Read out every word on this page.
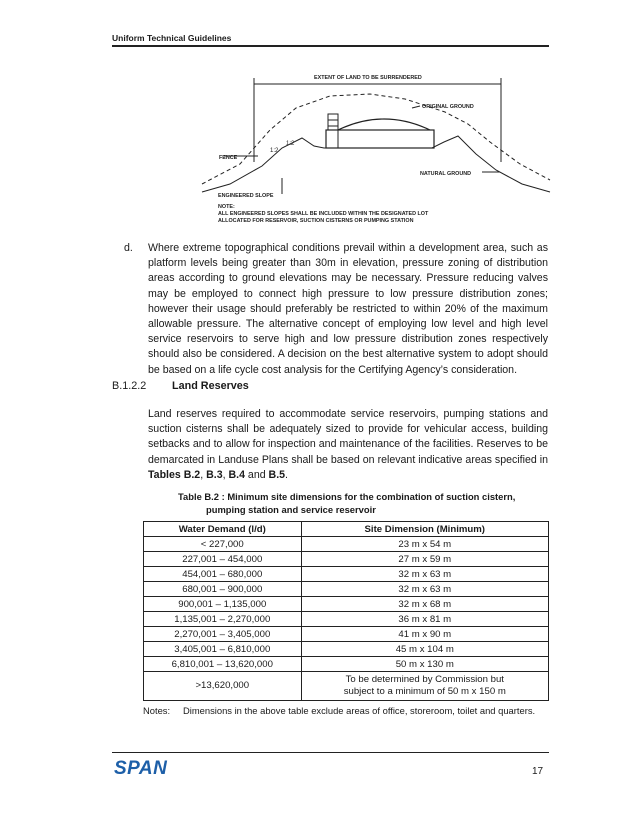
Uniform Technical Guidelines
EXTENT OF LAND TO BE SURRENDERED
ORIGINAL GROUND
NATURAL GROUND
FENCE
ENGINEERED SLOPE
1:2
1:2
NOTE:
ALL ENGINEERED SLOPES SHALL BE INCLUDED WITHIN THE DESIGNATED LOT
ALLOCATED FOR RESERVOIR, SUCTION CISTERNS OR PUMPING STATION
d. Where extreme topographical conditions prevail within a development area, such as platform levels being greater than 30m in elevation, pressure zoning of distribution areas according to ground elevations may be necessary. Pressure reducing valves may be employed to connect high pressure to low pressure distribution zones; however their usage should preferably be restricted to within 20% of the maximum allowable pressure. The alternative concept of employing low level and high level service reservoirs to serve high and low pressure distribution zones respectively should also be considered. A decision on the best alternative system to adopt should be based on a life cycle cost analysis for the Certifying Agency’s consideration.
B.1.2.2 Land Reserves
Land reserves required to accommodate service reservoirs, pumping stations and suction cisterns shall be adequately sized to provide for vehicular access, building setbacks and to allow for inspection and maintenance of the facilities. Reserves to be demarcated in Landuse Plans shall be based on relevant indicative areas specified in Tables B.2, B.3, B.4 and B.5.
Table B.2 : Minimum site dimensions for the combination of suction cistern,
pumping station and service reservoir
Water Demand (l/d)	Site Dimension (Minimum)
< 227,000	23 m x 54 m
227,001 – 454,000	27 m x 59 m
454,001 – 680,000	32 m x 63 m
680,001 – 900,000	32 m x 63 m
900,001 – 1,135,000	32 m x 68 m
1,135,001 – 2,270,000	36 m x 81 m
2,270,001 – 3,405,000	41 m x 90 m
3,405,001 – 6,810,000	45 m x 104 m
6,810,001 – 13,620,000	50 m x 130 m
>13,620,000	To be determined by Commission but
subject to a minimum of 50 m x 150 m
Notes: Dimensions in the above table exclude areas of office, storeroom, toilet and quarters.
SPAN	17
